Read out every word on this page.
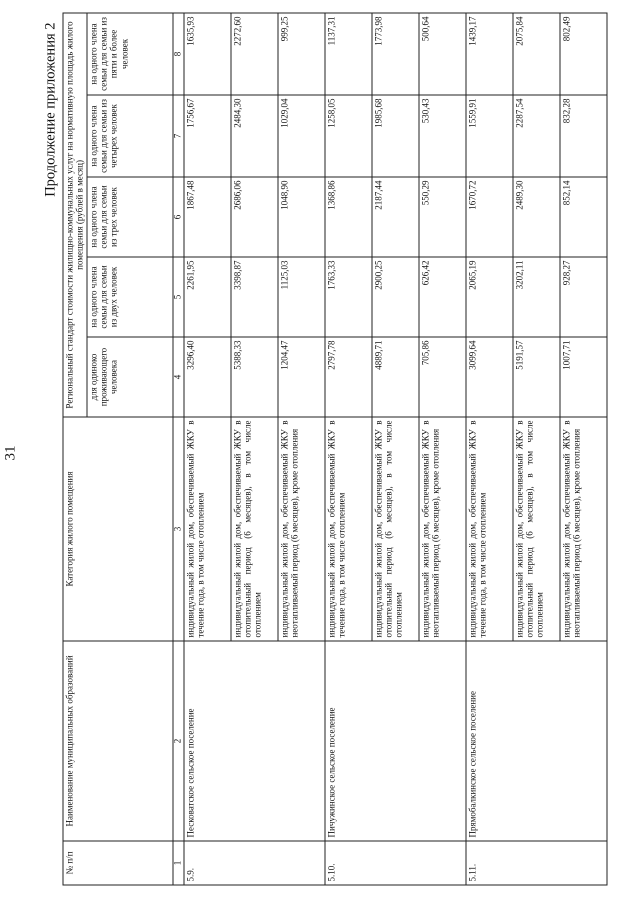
31
Продолжение приложения 2
№ п/п	Наименование муниципальных образований	Категория жилого помещения	Региональный стандарт стоимости жилищно-коммунальных услуг на нормативную площадь жилого помещения (рублей в месяц)				
			для одиноко проживающего человека	на одного члена семьи для семьи из двух человек	на одного члена семьи для семьи из трех человек	на одного члена семьи для семьи из четырех человек	на одного члена семьи для семьи из пяти и более человек
1	2	3	4	5	6	7	8
5.9.	Песковатское сельское поселение	индивидуальный жилой дом, обеспечиваемый ЖКУ в течение года, в том числе отоплением	3296,40	2261,95	1867,48	1756,67	1635,93
		индивидуальный жилой дом, обеспечиваемый ЖКУ в отопительный период (6 месяцев), в том числе отоплением	5388,33	3398,87	2686,06	2484,30	2272,60
		индивидуальный жилой дом, обеспечиваемый ЖКУ в неотапливаемый период (6 месяцев), кроме отопления	1204,47	1125,03	1048,90	1029,04	999,25
5.10.	Пичужинское сельское поселение	индивидуальный жилой дом, обеспечиваемый ЖКУ в течение года, в том числе отоплением	2797,78	1763,33	1368,86	1258,05	1137,31
		индивидуальный жилой дом, обеспечиваемый ЖКУ в отопительный период (6 месяцев), в том числе отоплением	4889,71	2900,25	2187,44	1985,68	1773,98
		индивидуальный жилой дом, обеспечиваемый ЖКУ в неотапливаемый период (6 месяцев), кроме отопления	705,86	626,42	550,29	530,43	500,64
5.11.	Прямобалкинское сельское поселение	индивидуальный жилой дом, обеспечиваемый ЖКУ в течение года, в том числе отоплением	3099,64	2065,19	1670,72	1559,91	1439,17
		индивидуальный жилой дом, обеспечиваемый ЖКУ в отопительный период (6 месяцев), в том числе отоплением	5191,57	3202,11	2489,30	2287,54	2075,84
		индивидуальный жилой дом, обеспечиваемый ЖКУ в неотапливаемый период (6 месяцев), кроме отопления	1007,71	928,27	852,14	832,28	802,49
